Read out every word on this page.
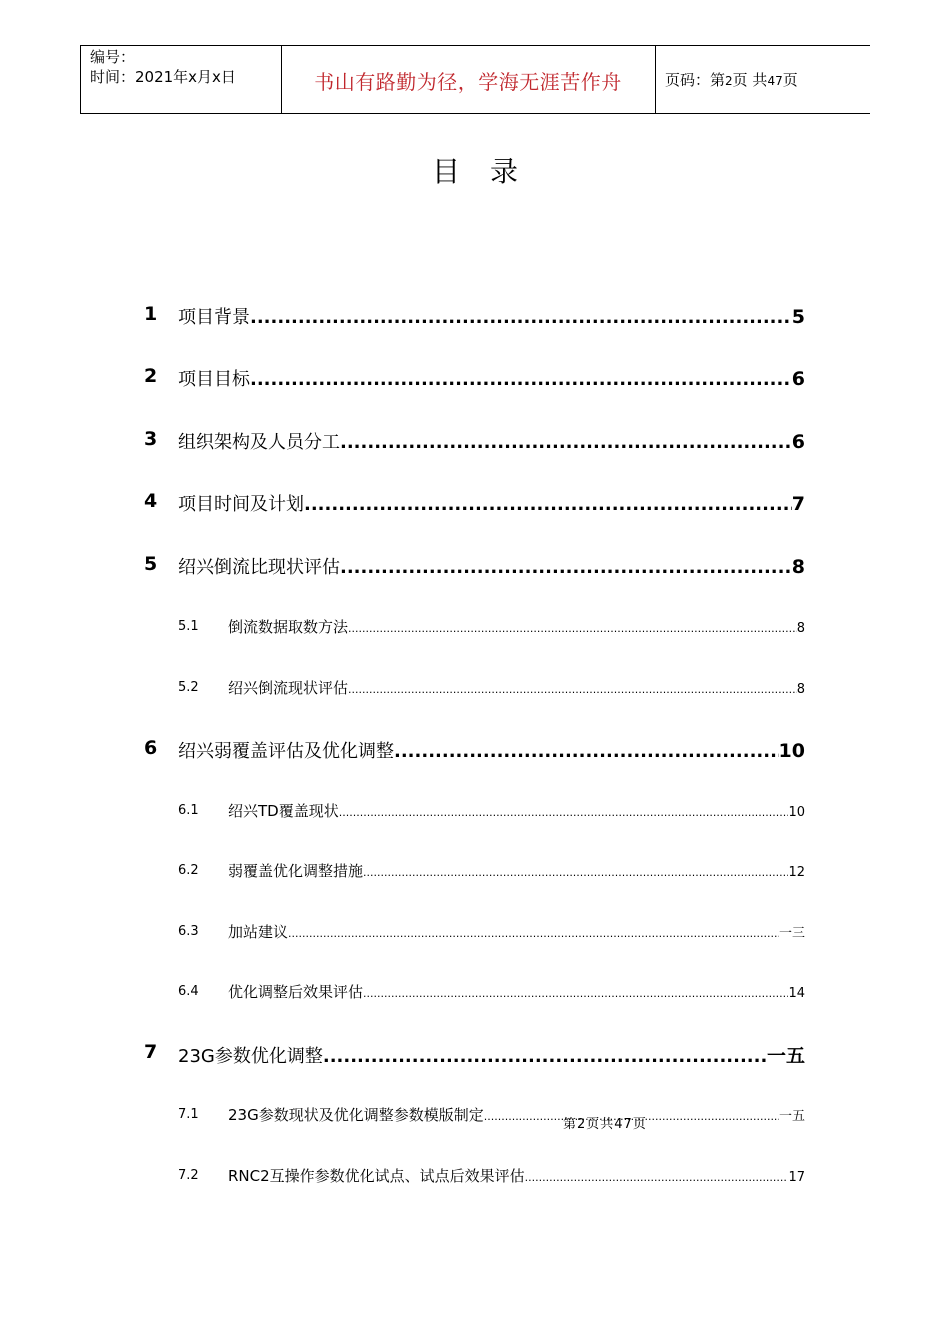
编号：
时间：2021年x月x日	书山有路勤为径，学海无涯苦作舟	页码：第2页 共47页
目录
1 项目背景 .....	5
2 项目目标 .....	6
3 组织架构及人员分工 .....	6
4 项目时间及计划 .....	7
5 绍兴倒流比现状评估 .....	8
5.1 倒流数据取数方法 .....	8
5.2 绍兴倒流现状评估 .....	8
6 绍兴弱覆盖评估及优化调整 .....	10
6.1 绍兴TD覆盖现状 .....	10
6.2 弱覆盖优化调整措施 .....	12
6.3 加站建议 .....	一三
6.4 优化调整后效果评估 .....	14
7 23G参数优化调整 .....	一五
7.1 23G参数现状及优化调整参数模版制定 .....	一五
7.2 RNC2互操作参数优化试点、试点后效果评估 .....	17
第2页共47页
